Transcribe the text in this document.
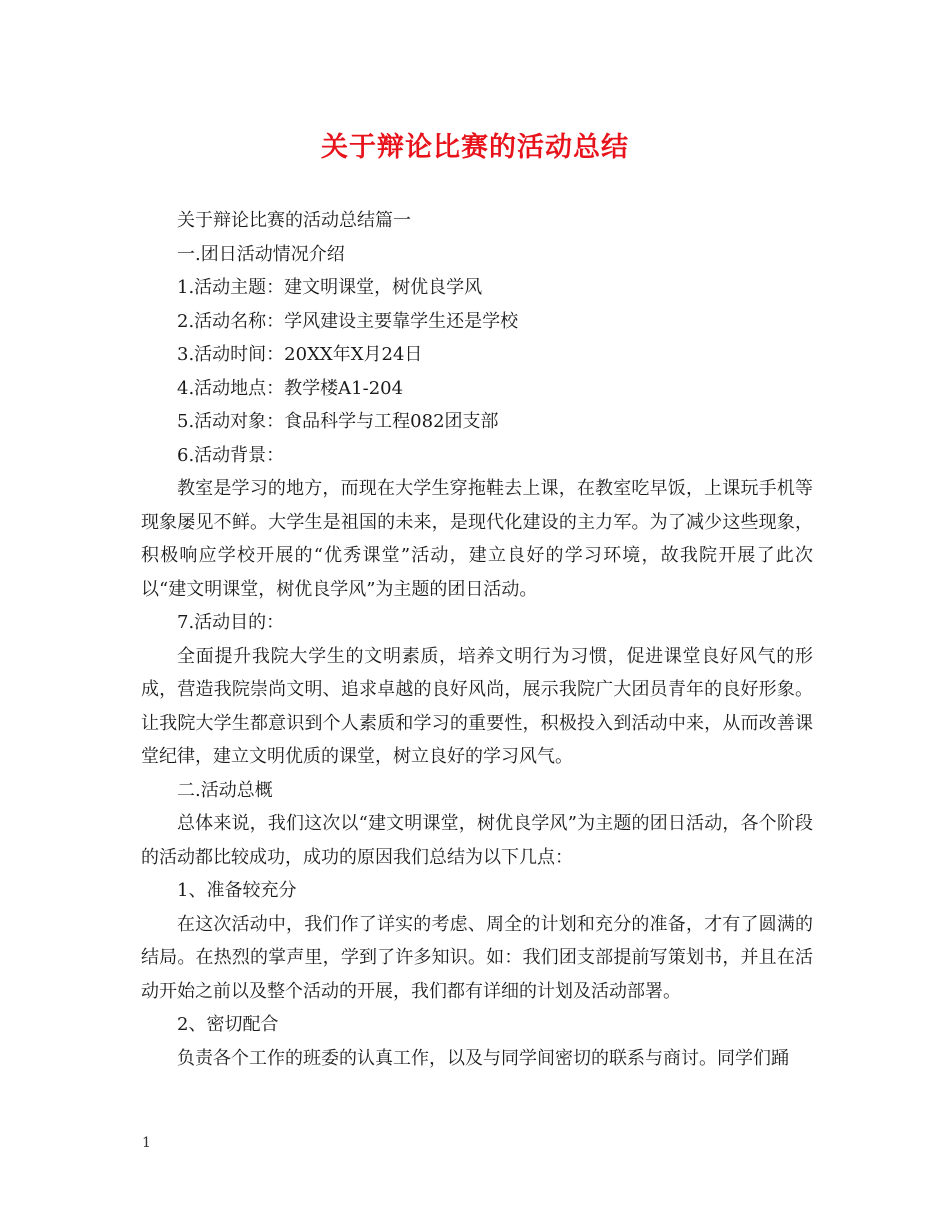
关于辩论比赛的活动总结

关于辩论比赛的活动总结篇一

一.团日活动情况介绍

1.活动主题：建文明课堂，树优良学风

2.活动名称：学风建设主要靠学生还是学校

3.活动时间：20XX年X月24日

4.活动地点：教学楼A1-204

5.活动对象：食品科学与工程082团支部

6.活动背景：

教室是学习的地方，而现在大学生穿拖鞋去上课，在教室吃早饭，上课玩手机等现象屡见不鲜。大学生是祖国的未来，是现代化建设的主力军。为了减少这些现象，积极响应学校开展的“优秀课堂”活动，建立良好的学习环境，故我院开展了此次以“建文明课堂，树优良学风”为主题的团日活动。

7.活动目的：

全面提升我院大学生的文明素质，培养文明行为习惯，促进课堂良好风气的形成，营造我院崇尚文明、追求卓越的良好风尚，展示我院广大团员青年的良好形象。让我院大学生都意识到个人素质和学习的重要性，积极投入到活动中来，从而改善课堂纪律，建立文明优质的课堂，树立良好的学习风气。

二.活动总概

总体来说，我们这次以“建文明课堂，树优良学风”为主题的团日活动，各个阶段的活动都比较成功，成功的原因我们总结为以下几点：

1、准备较充分

在这次活动中，我们作了详实的考虑、周全的计划和充分的准备，才有了圆满的结局。在热烈的掌声里，学到了许多知识。如：我们团支部提前写策划书，并且在活动开始之前以及整个活动的开展，我们都有详细的计划及活动部署。

2、密切配合

负责各个工作的班委的认真工作，以及与同学间密切的联系与商讨。同学们踊

1
